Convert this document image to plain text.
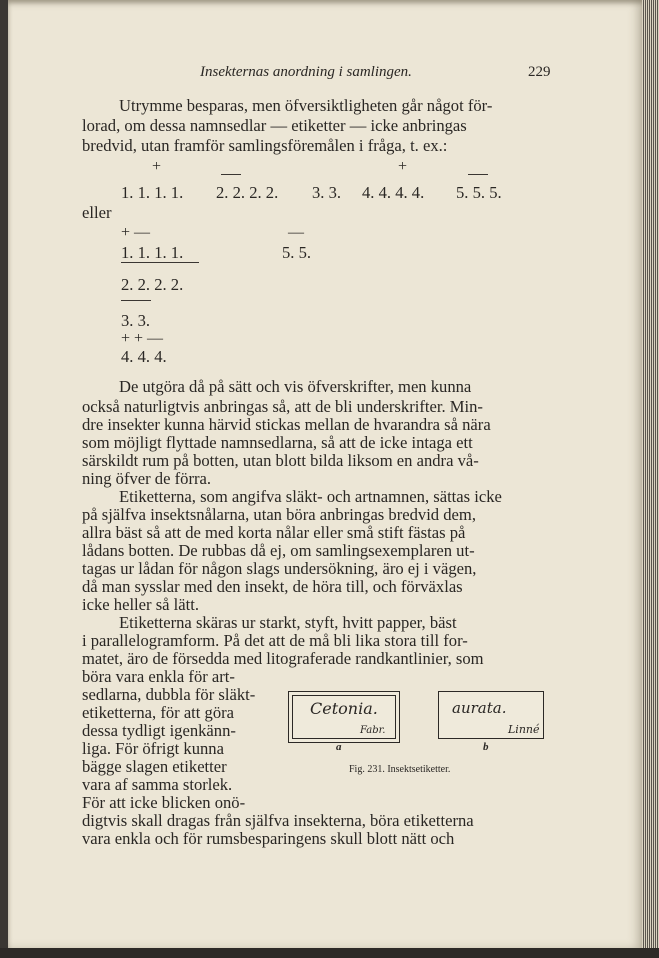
Insekternas anordning i samlingen.	229
Utrymme besparas, men öfversiktligheten går något för-
lorad, om dessa namnsedlar — etiketter — icke anbringas
bredvid, utan framför samlingsföremålen i fråga, t. ex.:
+	+
1. 1. 1. 1. 2. 2. 2. 2. 3. 3. 4. 4. 4. 4. 5. 5. 5.
eller
+ —	—
1. 1. 1. 1.	5. 5.
2. 2. 2. 2.
3. 3.
+ + —
4. 4. 4.
De utgöra då på sätt och vis öfverskrifter, men kunna
också naturligtvis anbringas så, att de bli underskrifter. Min-
dre insekter kunna härvid stickas mellan de hvarandra så nära
som möjligt flyttade namnsedlarna, så att de icke intaga ett
särskildt rum på botten, utan blott bilda liksom en andra vå-
ning öfver de förra.
Etiketterna, som angifva släkt- och artnamnen, sättas icke
på själfva insektsnålarna, utan böra anbringas bredvid dem,
allra bäst så att de med korta nålar eller små stift fästas på
lådans botten. De rubbas då ej, om samlingsexemplaren ut-
tagas ur lådan för någon slags undersökning, äro ej i vägen,
då man sysslar med den insekt, de höra till, och förväxlas
icke heller så lätt.
Etiketterna skäras ur starkt, styft, hvitt papper, bäst
i parallelogramform. På det att de må bli lika stora till for-
matet, äro de försedda med litograferade randkantlinier, som
böra vara enkla för art-
sedlarna, dubbla för släkt-
etiketterna, för att göra
dessa tydligt igenkänn-
liga. För öfrigt kunna
bägge slagen etiketter
vara af samma storlek.
För att icke blicken onö-
digtvis skall dragas från själfva insekterna, böra etiketterna
vara enkla och för rumsbesparingens skull blott nätt och
Cetonia.
Fabr.
aurata.
Linné
a	b
Fig. 231. Insektsetiketter.
